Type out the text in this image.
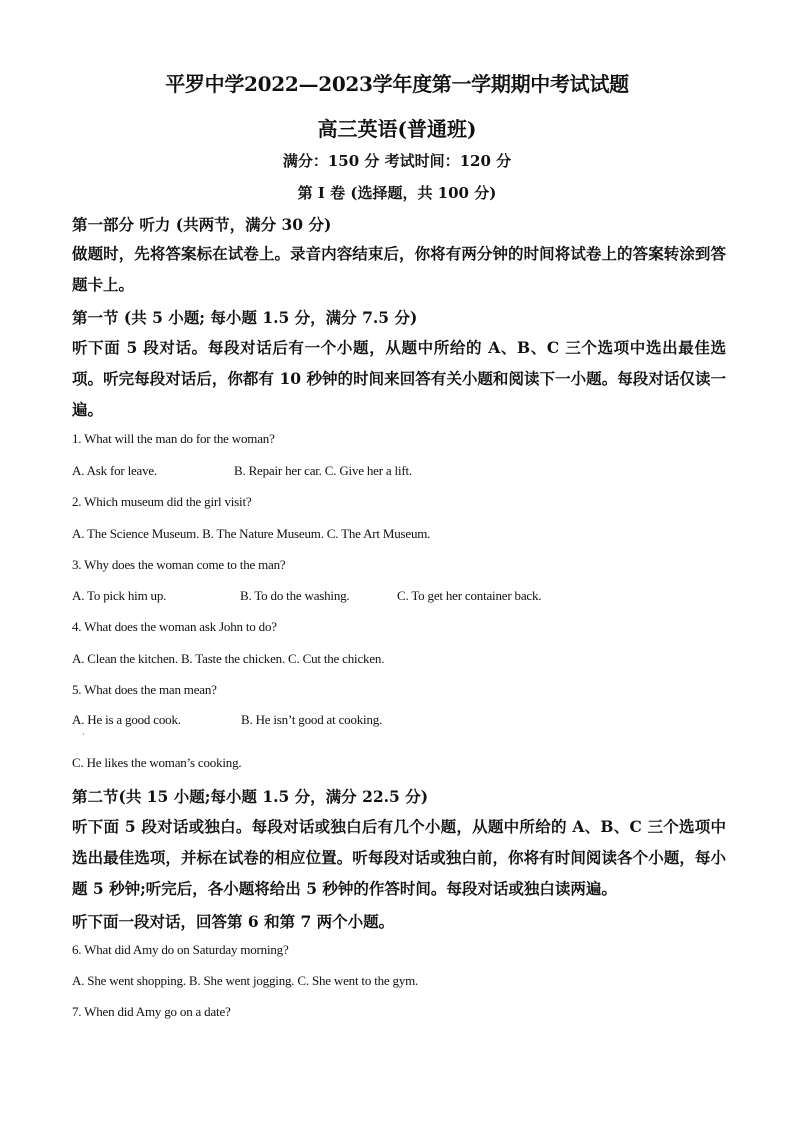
平罗中学2022—2023学年度第一学期期中考试试题
高三英语(普通班)
满分：150 分 考试时间：120 分
第 I 卷 (选择题，共 100 分)
第一部分 听力 (共两节，满分 30 分)
做题时，先将答案标在试卷上。录音内容结束后，你将有两分钟的时间将试卷上的答案转涂到答题卡上。
第一节 (共 5 小题; 每小题 1.5 分，满分 7.5 分)
听下面 5 段对话。每段对话后有一个小题，从题中所给的 A、B、C 三个选项中选出最佳选项。听完每段对话后，你都有 10 秒钟的时间来回答有关小题和阅读下一小题。每段对话仅读一遍。
1. What will the man do for the woman?
A. Ask for leave.	B. Repair her car. C. Give her a lift.
2. Which museum did the girl visit?
A. The Science Museum. B. The Nature Museum. C. The Art Museum.
3. Why does the woman come to the man?
A. To pick him up.	B. To do the washing.	C. To get her container back.
4. What does the woman ask John to do?
A. Clean the kitchen. B. Taste the chicken. C. Cut the chicken.
5. What does the man mean?
A. He is a good cook.	B. He isn’t good at cooking.
·
C. He likes the woman’s cooking.
第二节(共 15 小题;每小题 1.5 分，满分 22.5 分)
听下面 5 段对话或独白。每段对话或独白后有几个小题，从题中所给的 A、B、C 三个选项中选出最佳选项，并标在试卷的相应位置。听每段对话或独白前，你将有时间阅读各个小题，每小题 5 秒钟;听完后，各小题将给出 5 秒钟的作答时间。每段对话或独白读两遍。
听下面一段对话，回答第 6 和第 7 两个小题。
6. What did Amy do on Saturday morning?
A. She went shopping. B. She went jogging. C. She went to the gym.
7. When did Amy go on a date?
